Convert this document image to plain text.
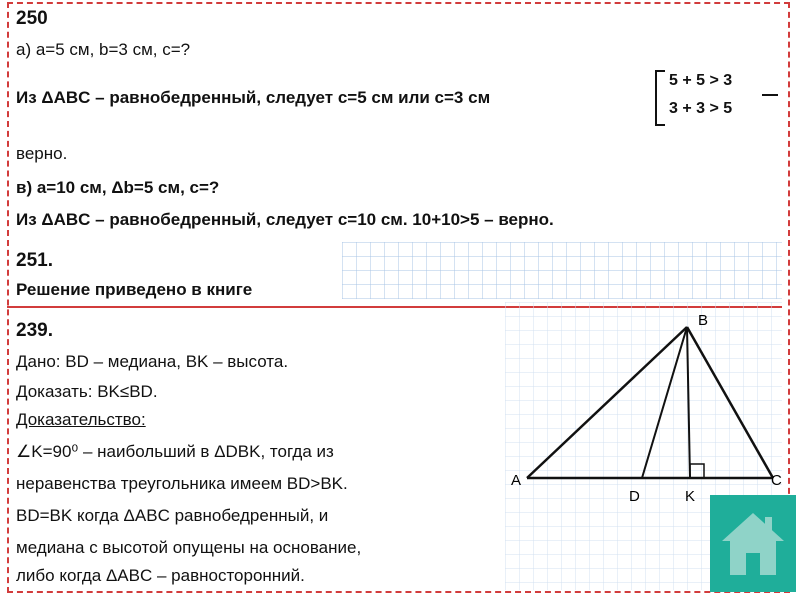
250
а) a=5 см, b=3 см, c=?
Из ΔABC – равнобедренный, следует с=5 см или с=3 см
5 + 5 > 3
3 + 3 > 5
верно.
в) a=10 см, Δb=5 см, c=?
Из ΔABC – равнобедренный, следует с=10 см. 10+10>5 – верно.
251.
Решение приведено в книге
239.
Дано: BD – медиана, BK – высота.
Доказать: BK≤BD.
Доказательство:
∠K=90⁰ – наибольший в ΔDBK, тогда из
неравенства треугольника имеем BD>BK.
BD=BK когда ΔABC равнобедренный, и
медиана с высотой опущены на основание,
либо когда ΔABC – равносторонний.
A
B
C
D	K
